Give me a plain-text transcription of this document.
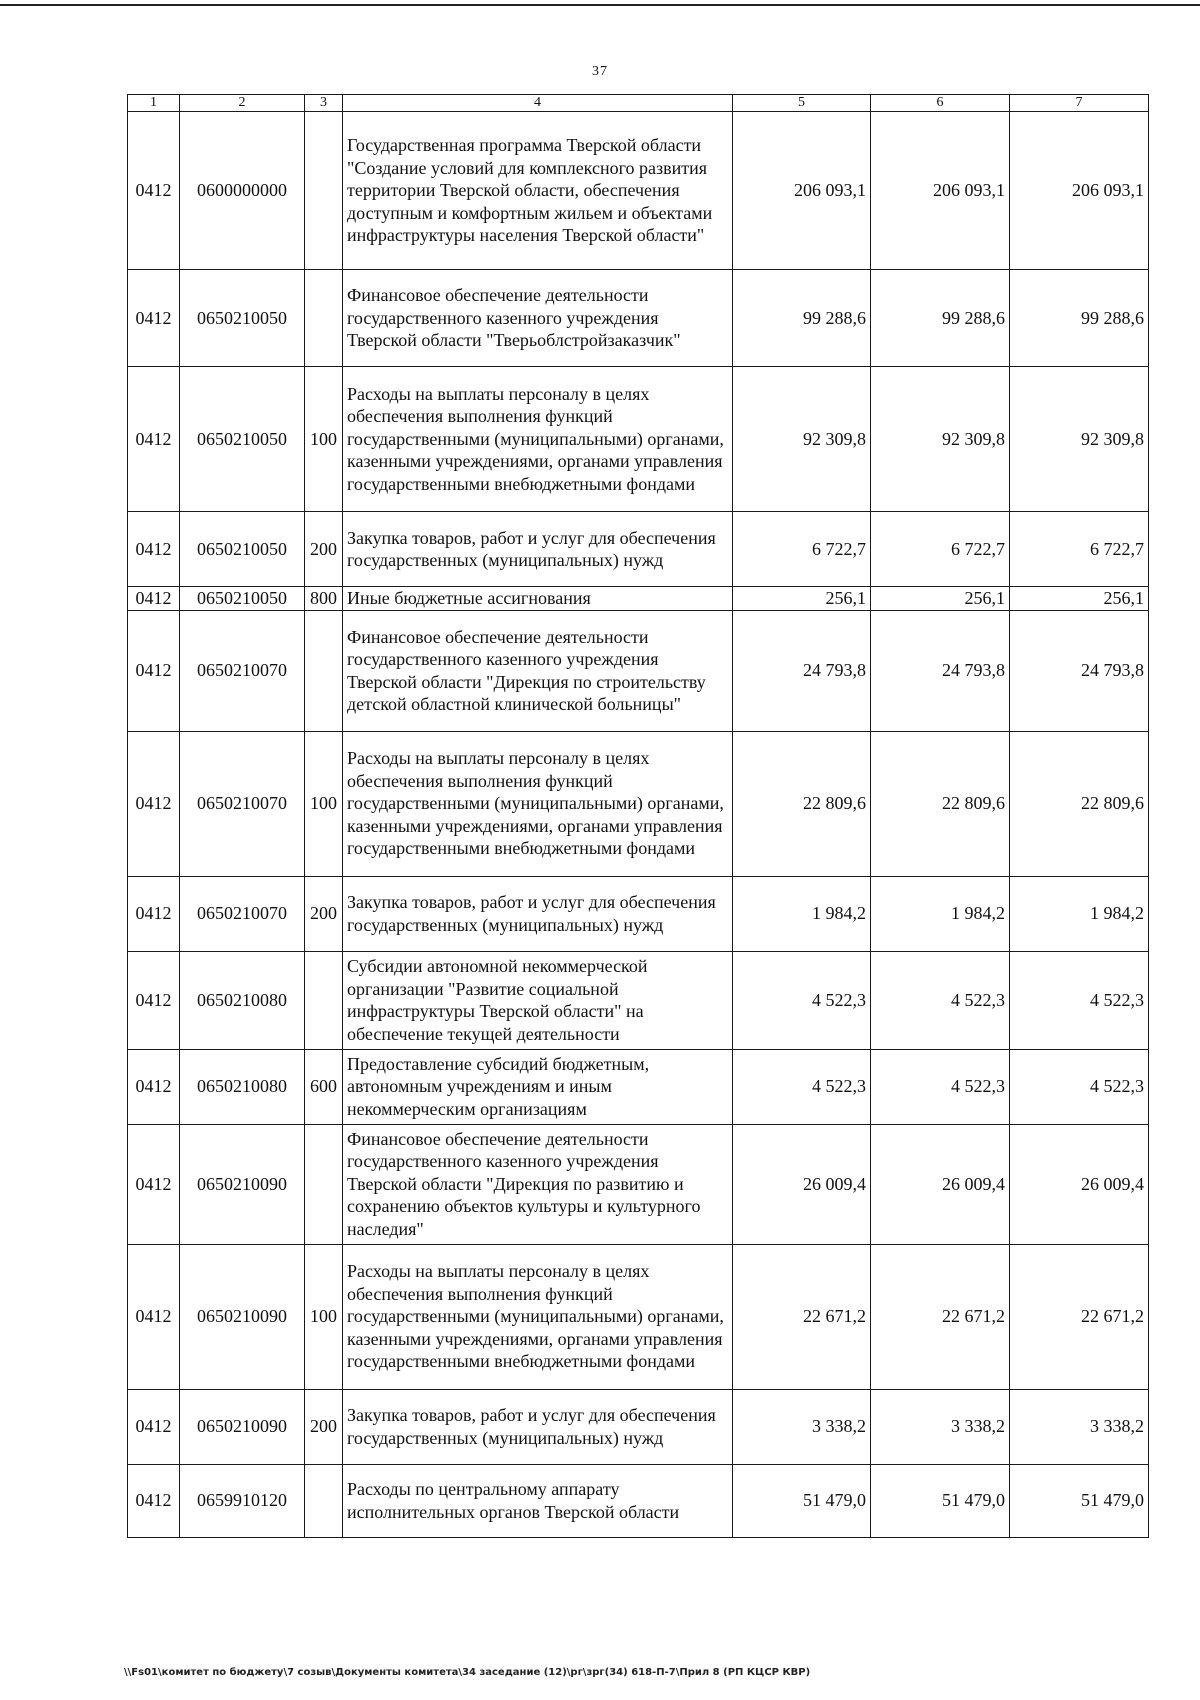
37
1	2	3	4	5	6	7
0412	0600000000		Государственная программа Тверской области "Создание условий для комплексного развития территории Тверской области, обеспечения доступным и комфортным жильем и объектами инфраструктуры населения Тверской области"	206 093,1	206 093,1	206 093,1
0412	0650210050		Финансовое обеспечение деятельности государственного казенного учреждения Тверской области "Тверьоблстройзаказчик"	99 288,6	99 288,6	99 288,6
0412	0650210050	100	Расходы на выплаты персоналу в целях обеспечения выполнения функций государственными (муниципальными) органами, казенными учреждениями, органами управления государственными внебюджетными фондами	92 309,8	92 309,8	92 309,8
0412	0650210050	200	Закупка товаров, работ и услуг для обеспечения государственных (муниципальных) нужд	6 722,7	6 722,7	6 722,7
0412	0650210050	800	Иные бюджетные ассигнования	256,1	256,1	256,1
0412	0650210070		Финансовое обеспечение деятельности государственного казенного учреждения Тверской области "Дирекция по строительству детской областной клинической больницы"	24 793,8	24 793,8	24 793,8
0412	0650210070	100	Расходы на выплаты персоналу в целях обеспечения выполнения функций государственными (муниципальными) органами, казенными учреждениями, органами управления государственными внебюджетными фондами	22 809,6	22 809,6	22 809,6
0412	0650210070	200	Закупка товаров, работ и услуг для обеспечения государственных (муниципальных) нужд	1 984,2	1 984,2	1 984,2
0412	0650210080		Субсидии автономной некоммерческой организации "Развитие социальной инфраструктуры Тверской области" на обеспечение текущей деятельности	4 522,3	4 522,3	4 522,3
0412	0650210080	600	Предоставление субсидий бюджетным, автономным учреждениям и иным некоммерческим организациям	4 522,3	4 522,3	4 522,3
0412	0650210090		Финансовое обеспечение деятельности государственного казенного учреждения Тверской области "Дирекция по развитию и сохранению объектов культуры и культурного наследия"	26 009,4	26 009,4	26 009,4
0412	0650210090	100	Расходы на выплаты персоналу в целях обеспечения выполнения функций государственными (муниципальными) органами, казенными учреждениями, органами управления государственными внебюджетными фондами	22 671,2	22 671,2	22 671,2
0412	0650210090	200	Закупка товаров, работ и услуг для обеспечения государственных (муниципальных) нужд	3 338,2	3 338,2	3 338,2
0412	0659910120		Расходы по центральному аппарату исполнительных органов Тверской области	51 479,0	51 479,0	51 479,0
\\Fs01\комитет по бюджету\7 созыв\Документы комитета\34 заседание (12)\рг\зрг(34) 618-П-7\Прил 8 (РП КЦСР КВР)
